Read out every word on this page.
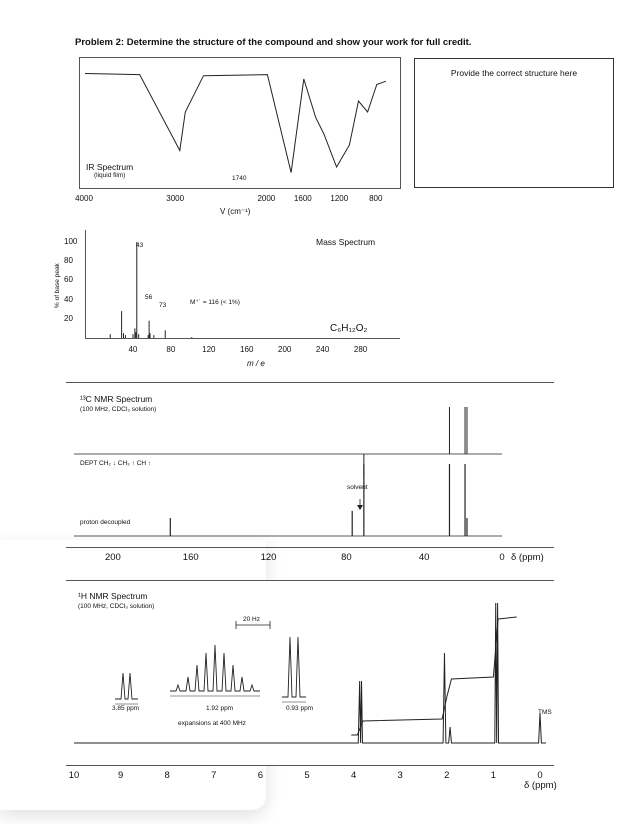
Problem 2: Determine the structure of the compound and show your work for full credit.
Provide the correct structure here
IR Spectrum
(liquid film)	1740
4000	3000	2000 1600 1200	800
V (cm⁻¹)
Mass Spectrum
C₆H₁₂O₂
M⁺˙ = 116 (< 1%)
43
56
73
% of base peak
100
80
60
40
20
40	80	120	160	200	240	280
m / e
¹³C NMR Spectrum
(100 MHz, CDCl₃ solution)
DEPT CH₂ ↓ CH₃ ↑ CH ↑
solvent
proton decoupled
200	160	120	80	40	0 δ (ppm)
¹H NMR Spectrum
(100 MHz, CDCl₃ solution)
20 Hz
3.85 ppm	1.92 ppm	0.93 ppm
expansions at 400 MHz
TMS
10	9	8	7	6	5	4	3	2	1	0
δ (ppm)
